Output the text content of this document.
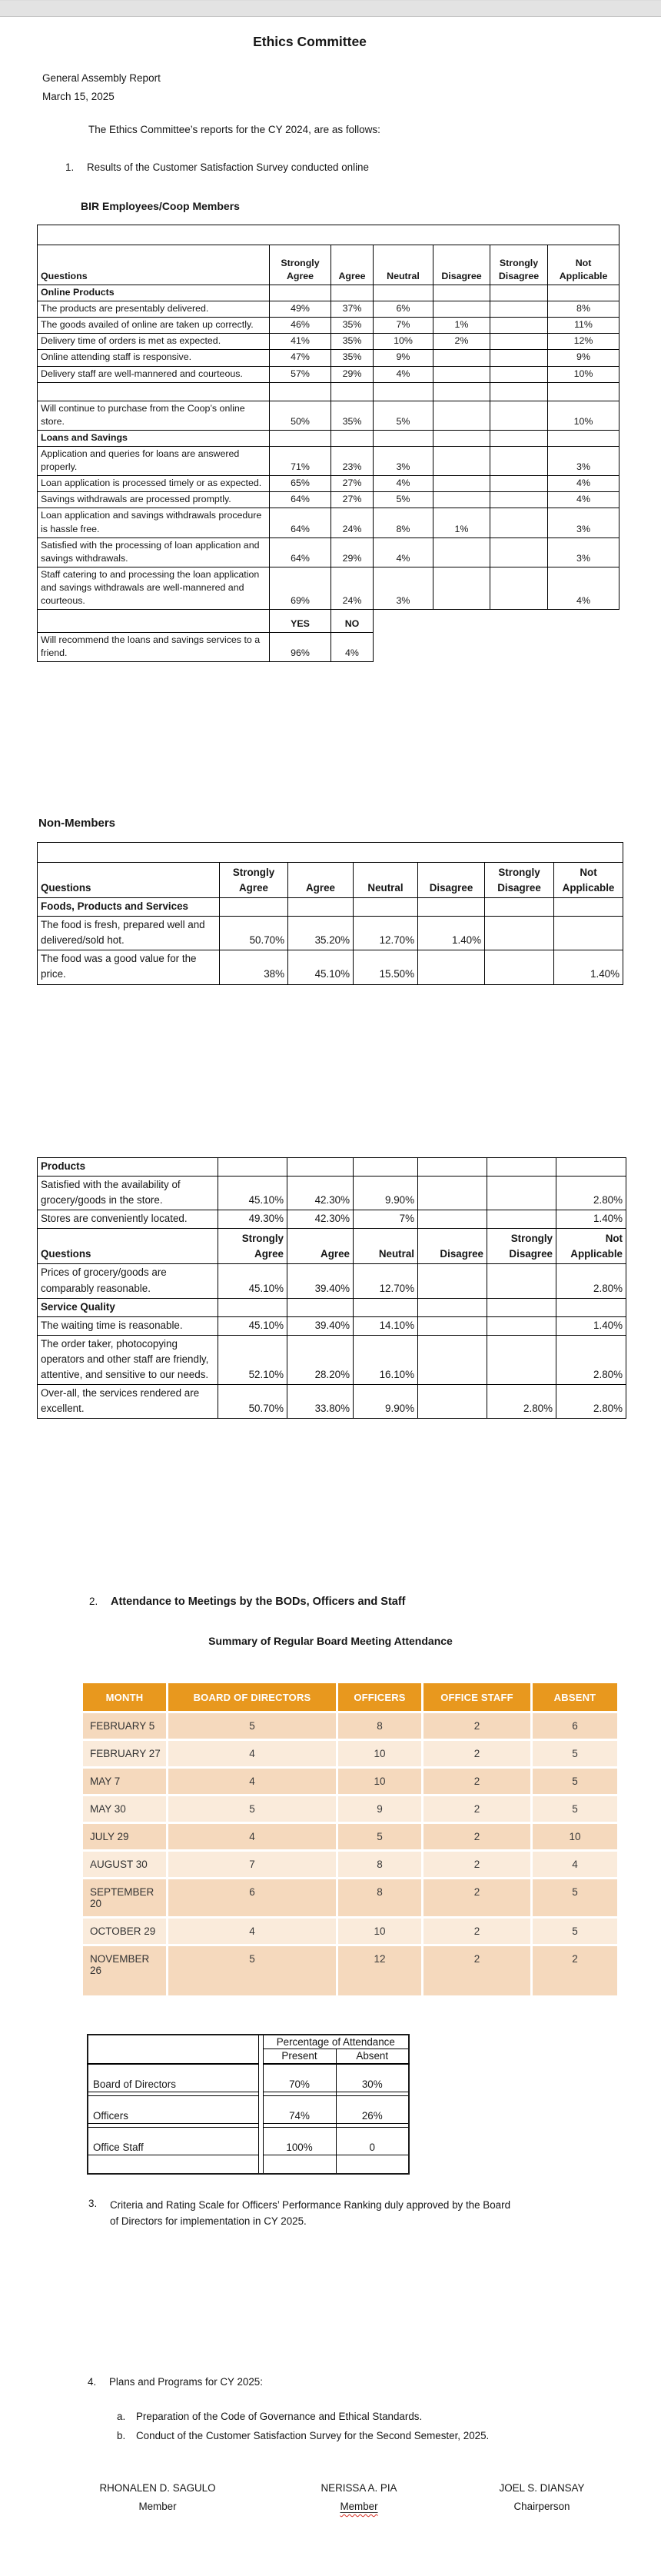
Ethics Committee
General Assembly Report
March 15, 2025
The Ethics Committee’s reports for the CY 2024, are as follows:
1.	Results of the Customer Satisfaction Survey conducted online
BIR Employees/Coop Members

Questions	Strongly Agree	Agree	Neutral	Disagree	Strongly Disagree	Not Applicable
Online Products						
The products are presentably delivered.	49%	37%	6%			8%
The goods availed of online are taken up correctly.	46%	35%	7%	1%		11%
Delivery time of orders is met as expected.	41%	35%	10%	2%		12%
Online attending staff is responsive.	47%	35%	9%			9%
Delivery staff are well-mannered and courteous.	57%	29%	4%			10%

Will continue to purchase from the Coop’s online store.	50%	35%	5%			10%
Loans and Savings						
Application and queries for loans are answered properly.	71%	23%	3%			3%
Loan application is processed timely or as expected.	65%	27%	4%			4%
Savings withdrawals are processed promptly.	64%	27%	5%			4%
Loan application and savings withdrawals procedure is hassle free.	64%	24%	8%	1%		3%
Satisfied with the processing of loan application and savings withdrawals.	64%	29%	4%			3%
Staff catering to and processing the loan application and savings withdrawals are well-mannered and courteous.	69%	24%	3%			4%
	YES	NO				
Will recommend the loans and savings services to a friend.	96%	4%				
Non-Members

Questions	Strongly Agree	Agree	Neutral	Disagree	Strongly Disagree	Not Applicable
Foods, Products and Services						
The food is fresh, prepared well and delivered/sold hot.	50.70%	35.20%	12.70%	1.40%		
The food was a good value for the price.	38%	45.10%	15.50%			1.40%
Products						
Satisfied with the availability of grocery/goods in the store.	45.10%	42.30%	9.90%			2.80%
Stores are conveniently located.	49.30%	42.30%	7%			1.40%
Questions	Strongly Agree	Agree	Neutral	Disagree	Strongly Disagree	Not Applicable
Prices of grocery/goods are comparably reasonable.	45.10%	39.40%	12.70%			2.80%
Service Quality						
The waiting time is reasonable.	45.10%	39.40%	14.10%			1.40%
The order taker, photocopying operators and other staff are friendly, attentive, and sensitive to our needs.	52.10%	28.20%	16.10%			2.80%
Over-all, the services rendered are excellent.	50.70%	33.80%	9.90%		2.80%	2.80%
2.	Attendance to Meetings by the BODs, Officers and Staff
Summary of Regular Board Meeting Attendance
MONTH	BOARD OF DIRECTORS	OFFICERS	OFFICE STAFF	ABSENT
FEBRUARY 5	5	8	2	6
FEBRUARY 27	4	10	2	5
MAY 7	4	10	2	5
MAY 30	5	9	2	5
JULY 29	4	5	2	10
AUGUST 30	7	8	2	4
SEPTEMBER 20	6	8	2	5
OCTOBER 29	4	10	2	5
NOVEMBER 26	5	12	2	2
		Percentage of Attendance	
		Present	Absent
Board of Directors		70%	30%

Officers		74%	26%

Office Staff		100%	0

3.	Criteria and Rating Scale for Officers’ Performance Ranking duly approved by the Board of Directors for implementation in CY 2025.
4.	Plans and Programs for CY 2025:
a.	Preparation of the Code of Governance and Ethical Standards.
b.	Conduct of the Customer Satisfaction Survey for the Second Semester, 2025.
RHONALEN D. SAGULO
Member
NERISSA A. PIA
Member
JOEL S. DIANSAY
Chairperson
